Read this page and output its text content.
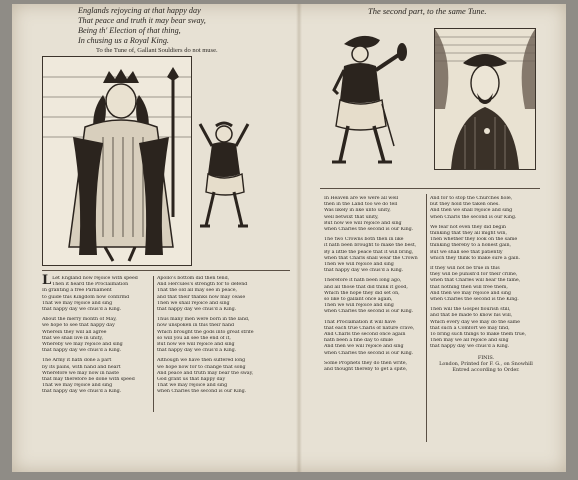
Englands rejoycing at that happy day
That peace and truth it may bear sway,
Being th' Election of that thing,
In chusing us a Royal King.
To the Tune of, Gallant Souldiers do not muse.
L Let England now rejoice with speed
Then it heard the Proclaimation
In granting a free Parliament
to guide this Kingdom now confirmd
That we may rejoice and sing
that happy day we chus'd a King.
About the merry month of May,
we hope to see that happy day
Wherein they will all agree
that we shall live in unity,
Whereby we may rejoice and sing
that happy day we chus'd a King.
The Army it hath done a part
by its pains, with hand and heart
Wherefore we may now in haste
that may therefore be done with speed
That we may rejoice and sing
that happy day we chus'd a King.
Apollo's bottom did then tend,
And Hercules's strength for to defend
That the old all may see in peace,
and that their thanks now may cease
Then we shall rejoice and sing
that happy day we chus'd a King.
Thus many men were born in the land,
now unspoken in this their hand
Which brought the gods into great strife
so will you all see the end of it,
But now we will rejoice and sing
that happy day we chus'd a King.
Although we have then suffered long
we hope now for to change that song
And peace and truth may bear the sway,
God grant us that happy day
That we may rejoice and sing
when Charles the second is our King.
The second part, to the same Tune.
In Heaven are we were all well
then in the Land too we do tell
Was likely in like unto unity,
well betwixt that unity,
But now we will rejoice and sing
when Charles the second is our King.
The two Crowns both then in like
it hath been brought to make the best,
By a little the peace that it will bring,
when that Charls shall wear the Crown
Then we will rejoice and sing
that happy day we chus'd a King.
Therefore it hath been long ago,
and all those that did think it good,
Which the hope they did set on,
so like to gallant once again,
Then we will rejoice and sing
when Charles the second is our King.
That Proclamation it will have
that each true Charls of nature crave,
And Charls the second once again
hath been a fine day to smile
And then we will rejoice and sing
when Charles the second is our King.
Some Prophets they do then write,
and thought thereby to get a spite,
And for to stop the Churches hole,
but they hold the taken ones.
And then we shall rejoice and sing
when Charls the second is our King.
We fear not even they did begin
thinking that they all might win,
Then whether they look on the same
thinking thereby to a honest gain,
But we shall see that patiently
which they think to make sure a gain.
If they will not be true in this
they will be punish'd for their crime,
when that Charles will hear the fame,
that nothing then will free them,
And then we may rejoice and sing
when Charles the second is the King.
Then will the Gospel flourish still,
and that be made to know his will,
Which every day we may do the same
that such a Comfort we may find,
To bring such things to make them true,
Then may we all rejoice and sing
that happy day we chus'd a King.
FINIS.
London, Printed for F. G., on Snowhill
Entred according to Order.
